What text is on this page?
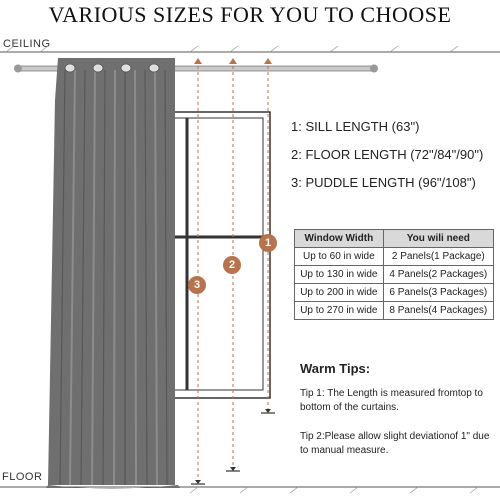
VARIOUS SIZES FOR YOU TO CHOOSE
CEILING
FLOOR
3
2
1
1: SILL LENGTH (63")
2: FLOOR LENGTH (72"/84"/90")
3: PUDDLE LENGTH (96"/108")
Window Width	You wili need
Up to 60 in wide	2 Panels(1 Package)
Up to 130 in wide	4 Panels(2 Packages)
Up to 200 in wide	6 Panels(3 Packages)
Up to 270 in wide	8 Panels(4 Packages)
Warm Tips:
Tip 1: The Length is measured fromtop to bottom of the curtains.
Tip 2:Please allow slight deviationof 1" due to manual measure.
